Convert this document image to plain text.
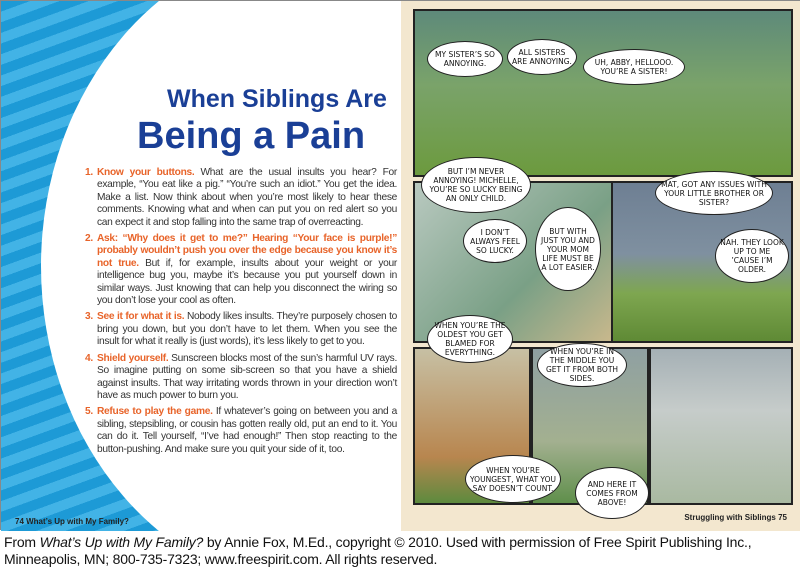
When Siblings Are
Being a Pain
1. Know your buttons. What are the usual insults you hear? For example, “You eat like a pig.” “You’re such an idiot.” You get the idea. Make a list. Now think about when you’re most likely to hear these comments. Knowing what and when can put you on red alert so you can expect it and stop falling into the same trap of overreacting.
2. Ask: “Why does it get to me?” Hearing “Your face is purple!” probably wouldn’t push you over the edge because you know it’s not true. But if, for example, insults about your weight or your intelligence bug you, maybe it’s because you put yourself down in similar ways. Just knowing that can help you disconnect the wiring so you don’t lose your cool as often.
3. See it for what it is. Nobody likes insults. They’re purposely chosen to bring you down, but you don’t have to let them. When you see the insult for what it really is (just words), it’s less likely to get to you.
4. Shield yourself. Sunscreen blocks most of the sun’s harmful UV rays. So imagine putting on some sib-screen so that you have a shield against insults. That way irritating words thrown in your direction won’t have as much power to burn you.
5. Refuse to play the game. If whatever’s going on between you and a sibling, stepsibling, or cousin has gotten really old, put an end to it. You can do it. Tell yourself, “I’ve had enough!” Then stop reacting to the button-pushing. And make sure you quit your side of it, too.
74 What’s Up with My Family?
MY SISTER’S SO ANNOYING.
ALL SISTERS ARE ANNOYING.	UH, ABBY, HELLOOO. YOU’RE A SISTER!
BUT I’M NEVER ANNOYING! MICHELLE, YOU’RE SO LUCKY BEING AN ONLY CHILD.
I DON’T ALWAYS FEEL SO LUCKY.
BUT WITH JUST YOU AND YOUR MOM LIFE MUST BE A LOT EASIER.
MAT, GOT ANY ISSUES WITH YOUR LITTLE BROTHER OR SISTER?
NAH. THEY LOOK UP TO ME ’CAUSE I’M OLDER.
WHEN YOU’RE THE OLDEST YOU GET BLAMED FOR EVERYTHING.	WHEN YOU’RE IN THE MIDDLE YOU GET IT FROM BOTH SIDES.
WHEN YOU’RE YOUNGEST, WHAT YOU SAY DOESN’T COUNT.	AND HERE IT COMES FROM ABOVE!
Struggling with Siblings 75
From What’s Up with My Family? by Annie Fox, M.Ed., copyright © 2010. Used with permission of Free Spirit Publishing Inc., Minneapolis, MN; 800-735-7323; www.freespirit.com. All rights reserved.
